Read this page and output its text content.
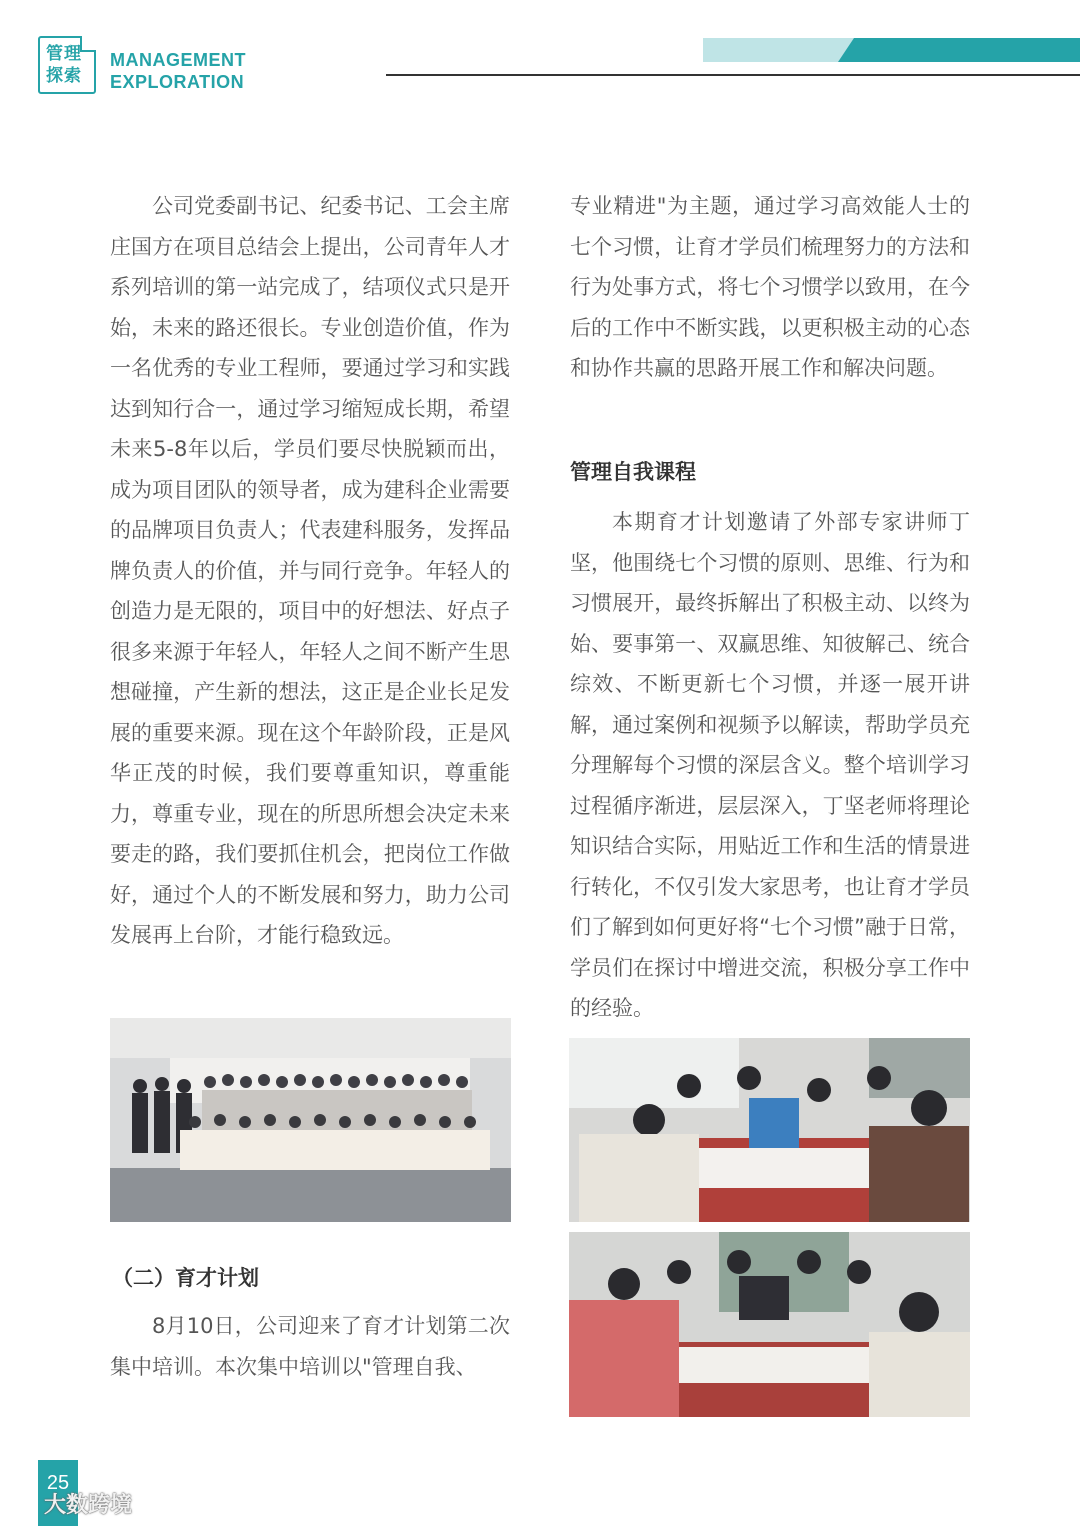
管理
探索
MANAGEMENT
EXPLORATION

公司党委副书记、纪委书记、工会主席庄国方在项目总结会上提出，公司青年人才系列培训的第一站完成了，结项仪式只是开始，未来的路还很长。专业创造价值，作为一名优秀的专业工程师，要通过学习和实践达到知行合一，通过学习缩短成长期，希望未来5-8年以后，学员们要尽快脱颖而出，成为项目团队的领导者，成为建科企业需要的品牌项目负责人；代表建科服务，发挥品牌负责人的价值，并与同行竞争。年轻人的创造力是无限的，项目中的好想法、好点子很多来源于年轻人，年轻人之间不断产生思想碰撞，产生新的想法，这正是企业长足发展的重要来源。现在这个年龄阶段，正是风华正茂的时候，我们要尊重知识，尊重能力，尊重专业，现在的所思所想会决定未来要走的路，我们要抓住机会，把岗位工作做好，通过个人的不断发展和努力，助力公司发展再上台阶，才能行稳致远。

（二）育才计划

8月10日，公司迎来了育才计划第二次集中培训。本次集中培训以"管理自我、

专业精进"为主题，通过学习高效能人士的七个习惯，让育才学员们梳理努力的方法和行为处事方式，将七个习惯学以致用，在今后的工作中不断实践，以更积极主动的心态和协作共赢的思路开展工作和解决问题。

管理自我课程

本期育才计划邀请了外部专家讲师丁坚，他围绕七个习惯的原则、思维、行为和习惯展开，最终拆解出了积极主动、以终为始、要事第一、双赢思维、知彼解己、统合综效、不断更新七个习惯，并逐一展开讲解，通过案例和视频予以解读，帮助学员充分理解每个习惯的深层含义。整个培训学习过程循序渐进，层层深入，丁坚老师将理论知识结合实际，用贴近工作和生活的情景进行转化，不仅引发大家思考，也让育才学员们了解到如何更好将“七个习惯”融于日常，学员们在探讨中增进交流，积极分享工作中的经验。

25
大数跨境
